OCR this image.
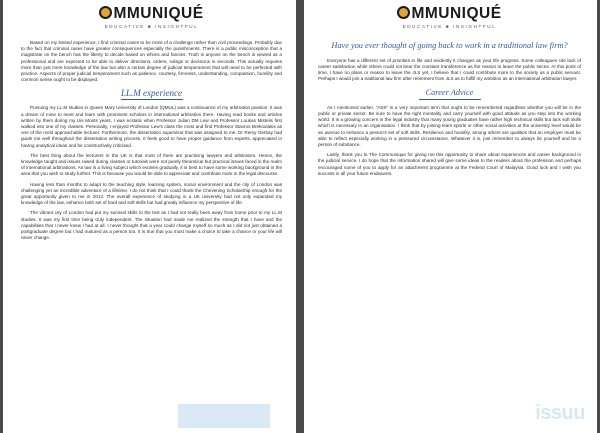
MMUNIQUÉ
EDUCATIVE ■ INSIGHTFUL

Based on my limited experience, I find criminal cases to be more of a challenge rather than civil proceedings. Probably due to the fact that criminal cases have greater consequences especially the punishments. There is a public misconception that a magistrate on the bench has the liberty to decide based on whims and fancies. Truth is anyone on the bench is viewed as a professional and are expected to be able to deliver directions, orders, rulings or decisions in seconds. This actually requires more than just mere knowledge of the law but also a certain degree of judicial temperament that will need to be perfected with practice. Aspects of proper judicial temperament such as patience, courtesy, firmness, understanding, compassion, humility and common sense ought to be displayed.

LL.M experience

Pursuing my LL.M studies in Queen Mary University of London (QMUL) was a continuance of my arbitration passion. It was a dream of mine to meet and learn with prominent scholars in international arbitration there. Having read books and articles written by them during my Uis Moots years, I was ecstatic when Professor Julian DM Lew and Professor Loukas Mistelis first walked into one of my classes. Personally, I enjoyed Professor Lew's class the most and find Professor Stavros Brekoulakis as one of the most approachable lecturer. Furthermore, the dissertation supervisor that was assigned to me, Dr Remy Gerbay had guide me well throughout the dissertation writing process. It feels good to have proper guidance from experts, appreciated in having analytical ideas and be constructively criticised.

The best thing about the lecturers in the UK is that most of them are practicing lawyers and arbitrators. Hence, the knowledge taught and issues raised during classes or tutorials were not purely theoretical but practical issues faced in the realm of international arbitrations. As law is a living subject which evolves gradually, it is best to have some working background in the area that you wish to study further. This is because you would be able to appreciate and contribute more in the legal discourse.

Having less than months to adapt to the teaching style, learning system, social environment and the city of London was challenging yet an incredible adventure of a lifetime. I do not think that I could thank the Chevening Scholarship enough for the great opportunity given to me in 2012. The overall experience of studying in a UK university had not only expanded my knowledge of the law, enhance both set of hard and soft skills but had greatly influence my perspective of life.

The vibrant city of London had put my survival skills to the test as I had not really been away from home prior to my LL.M studies. It was my first time being truly independent. The situation had made me realized the strength that I have and the capabilities that I never knew I had at all. I never thought that a year could change myself so much as I did not just obtained a postgraduate degree but I had matured as a person too. It is true that you must make a choice to take a chance or your life will never change.

MMUNIQUÉ
EDUCATIVE ■ INSIGHTFUL
Have you ever thought of going back to work in a traditional law firm?

Everyone has a different set of priorities in life and evidently it changes as your life progress. Some colleagues cite lack of career satisfaction while others could not bear the constant transference as the reason to leave the public sector. At this point of time, I have no plans or reason to leave the JLS yet. I believe that I could contribute more to the society as a public servant. Perhaps I would join a traditional law firm after retirement from JLS as to fulfill my ambition as an international arbitration lawyer.

Career Advice

As I mentioned earlier, "ASK" is a very important term that ought to be remembered regardless whether you will be in the public or private sector. Be sure to have the right mentality and carry yourself with good attitude as you step into the working world. It is a growing concern in the legal industry that many young graduates have rather high technical skills but lack soft skills which is necessary in an organisation. I think that by joining team sports or other social activities at the university level would be an avenue to enhance a person's set of soft skills. Resilience and humility, among others are qualities that an employer must be able to reflect especially working in a pressured circumstance. Whatever it is, just remember to always be yourself and be a person of substance.

Lastly, thank you to The Communique for giving me this opportunity to share about experiences and career background in the judicial service. I do hope that the information shared will give some ideas to the readers about the profession and perhaps encouraged some of you to apply for an attachment programme at the Federal Court of Malaysia. Good luck and I wish you success in all your future endeavors.

issuu
